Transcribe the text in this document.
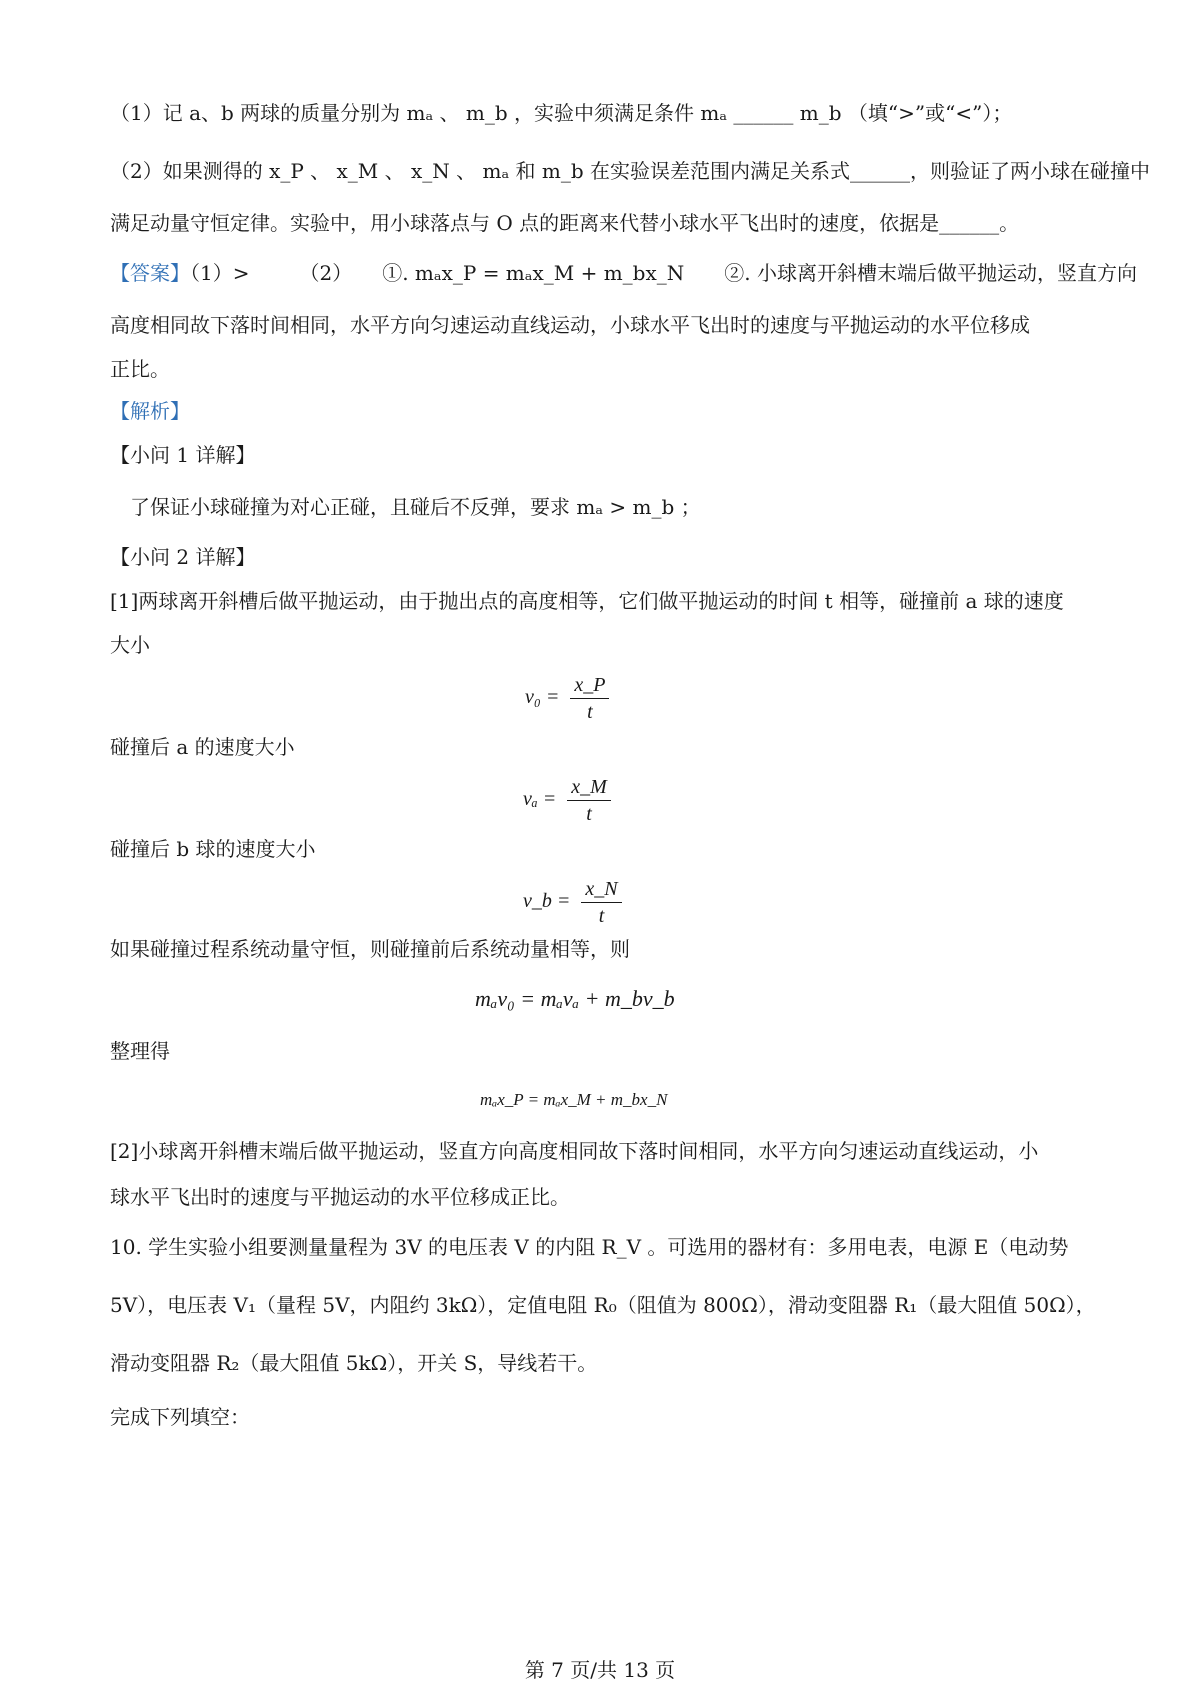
（1）记 a、b 两球的质量分别为 mₐ 、 m_b ，实验中须满足条件 mₐ ______ m_b （填“>”或“<”）；
（2）如果测得的 x_P 、 x_M 、 x_N 、 mₐ 和 m_b 在实验误差范围内满足关系式______，则验证了两小球在碰撞中
满足动量守恒定律。实验中，用小球落点与 O 点的距离来代替小球水平飞出时的速度，依据是______。
【答案】（1）>　　　（2）　　①. mₐx_P = mₐx_M + m_bx_N　　②. 小球离开斜槽末端后做平抛运动，竖直方向
高度相同故下落时间相同，水平方向匀速运动直线运动，小球水平飞出时的速度与平抛运动的水平位移成
正比。
【解析】
【小问 1 详解】
了保证小球碰撞为对心正碰，且碰后不反弹，要求 mₐ > m_b ；
【小问 2 详解】
[1]两球离开斜槽后做平抛运动，由于抛出点的高度相等，它们做平抛运动的时间 t 相等，碰撞前 a 球的速度
大小
$v_0 = \frac{x\_P}{t}$
碰撞后 a 的速度大小
$v_a = \frac{x\_M}{t}$
碰撞后 b 球的速度大小
v_b = $\frac{x\_N}{t}$
如果碰撞过程系统动量守恒，则碰撞前后系统动量相等，则
mₐv₀ = mₐvₐ + m_bv_b
整理得
mₐx_P = mₐx_M + m_bx_N
[2]小球离开斜槽末端后做平抛运动，竖直方向高度相同故下落时间相同，水平方向匀速运动直线运动，小
球水平飞出时的速度与平抛运动的水平位移成正比。
10. 学生实验小组要测量量程为 3V 的电压表 V 的内阻 R_V 。可选用的器材有：多用电表，电源 E（电动势
5V），电压表 V₁（量程 5V，内阻约 3kΩ），定值电阻 R₀（阻值为 800Ω），滑动变阻器 R₁（最大阻值 50Ω），
滑动变阻器 R₂（最大阻值 5kΩ），开关 S，导线若干。
完成下列填空：
第 7 页/共 13 页
